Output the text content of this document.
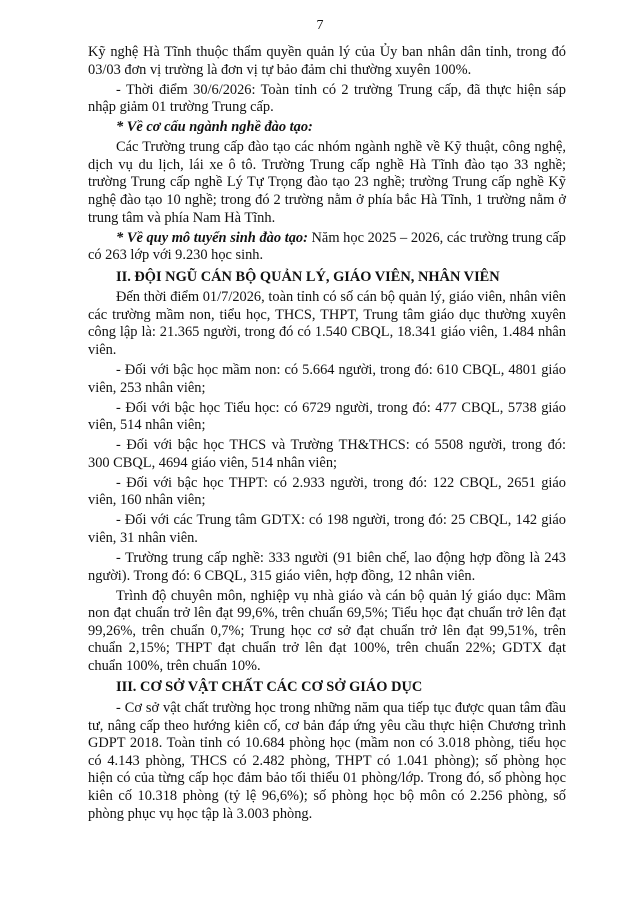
7

Kỹ nghệ Hà Tĩnh thuộc thẩm quyền quản lý của Ủy ban nhân dân tỉnh, trong đó 03/03 đơn vị trường là đơn vị tự bảo đảm chi thường xuyên 100%.

- Thời điểm 30/6/2026: Toàn tỉnh có 2 trường Trung cấp, đã thực hiện sáp nhập giảm 01 trường Trung cấp.

* Về cơ cấu ngành nghề đào tạo:

Các Trường trung cấp đào tạo các nhóm ngành nghề về Kỹ thuật, công nghệ, dịch vụ du lịch, lái xe ô tô. Trường Trung cấp nghề Hà Tĩnh đào tạo 33 nghề; trường Trung cấp nghề Lý Tự Trọng đào tạo 23 nghề; trường Trung cấp nghề Kỹ nghệ đào tạo 10 nghề; trong đó 2 trường nằm ở phía bắc Hà Tĩnh, 1 trường nằm ở trung tâm và phía Nam Hà Tĩnh.

* Về quy mô tuyển sinh đào tạo: Năm học 2025 – 2026, các trường trung cấp có 263 lớp với 9.230 học sinh.

II. ĐỘI NGŨ CÁN BỘ QUẢN LÝ, GIÁO VIÊN, NHÂN VIÊN

Đến thời điểm 01/7/2026, toàn tỉnh có số cán bộ quản lý, giáo viên, nhân viên các trường mầm non, tiểu học, THCS, THPT, Trung tâm giáo dục thường xuyên công lập là: 21.365 người, trong đó có 1.540 CBQL, 18.341 giáo viên, 1.484 nhân viên.

- Đối với bậc học mầm non: có 5.664 người, trong đó: 610 CBQL, 4801 giáo viên, 253 nhân viên;

- Đối với bậc học Tiểu học: có 6729 người, trong đó: 477 CBQL, 5738 giáo viên, 514 nhân viên;

- Đối với bậc học THCS và Trường TH&THCS: có 5508 người, trong đó: 300 CBQL, 4694 giáo viên, 514 nhân viên;

- Đối với bậc học THPT: có 2.933 người, trong đó: 122 CBQL, 2651 giáo viên, 160 nhân viên;

- Đối với các Trung tâm GDTX: có 198 người, trong đó: 25 CBQL, 142 giáo viên, 31 nhân viên.

- Trường trung cấp nghề: 333 người (91 biên chế, lao động hợp đồng là 243 người). Trong đó: 6 CBQL, 315 giáo viên, hợp đồng, 12 nhân viên.

Trình độ chuyên môn, nghiệp vụ nhà giáo và cán bộ quản lý giáo dục: Mầm non đạt chuẩn trở lên đạt 99,6%, trên chuẩn 69,5%; Tiểu học đạt chuẩn trở lên đạt 99,26%, trên chuẩn 0,7%; Trung học cơ sở đạt chuẩn trở lên đạt 99,51%, trên chuẩn 2,15%; THPT đạt chuẩn trở lên đạt 100%, trên chuẩn 22%; GDTX đạt chuẩn 100%, trên chuẩn 10%.

III. CƠ SỞ VẬT CHẤT CÁC CƠ SỞ GIÁO DỤC

- Cơ sở vật chất trường học trong những năm qua tiếp tục được quan tâm đầu tư, nâng cấp theo hướng kiên cố, cơ bản đáp ứng yêu cầu thực hiện Chương trình GDPT 2018. Toàn tỉnh có 10.684 phòng học (mầm non có 3.018 phòng, tiểu học có 4.143 phòng, THCS có 2.482 phòng, THPT có 1.041 phòng); số phòng học hiện có của từng cấp học đảm bảo tối thiểu 01 phòng/lớp. Trong đó, số phòng học kiên cố 10.318 phòng (tỷ lệ 96,6%); số phòng học bộ môn có 2.256 phòng, số phòng phục vụ học tập là 3.003 phòng.
